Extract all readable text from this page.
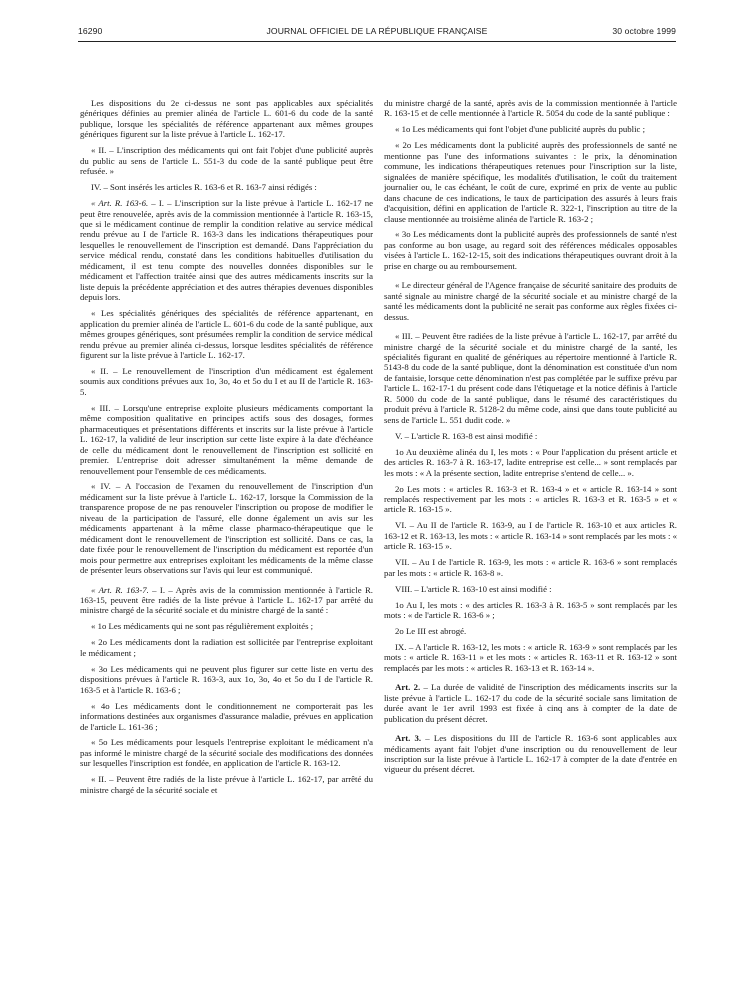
16290	JOURNAL OFFICIEL DE LA RÉPUBLIQUE FRANÇAISE	30 octobre 1999

Les dispositions du 2e ci-dessus ne sont pas applicables aux spécialités génériques définies au premier alinéa de l'article L. 601-6 du code de la santé publique, lorsque les spécialités de référence appartenant aux mêmes groupes génériques figurent sur la liste prévue à l'article L. 162-17.

« II. – L'inscription des médicaments qui ont fait l'objet d'une publicité auprès du public au sens de l'article L. 551-3 du code de la santé publique peut être refusée. »

IV. – Sont insérés les articles R. 163-6 et R. 163-7 ainsi rédigés :

« Art. R. 163-6. – I. – L'inscription sur la liste prévue à l'article L. 162-17 ne peut être renouvelée, après avis de la commission mentionnée à l'article R. 163-15, que si le médicament continue de remplir la condition relative au service médical rendu prévue au I de l'article R. 163-3 dans les indications thérapeutiques pour lesquelles le renouvellement de l'inscription est demandé. Dans l'appréciation du service médical rendu, constaté dans les conditions habituelles d'utilisation du médicament, il est tenu compte des nouvelles données disponibles sur le médicament et l'affection traitée ainsi que des autres médicaments inscrits sur la liste depuis la précédente appréciation et des autres thérapies devenues disponibles depuis lors.

« Les spécialités génériques des spécialités de référence appartenant, en application du premier alinéa de l'article L. 601-6 du code de la santé publique, aux mêmes groupes génériques, sont présumées remplir la condition de service médical rendu prévue au premier alinéa ci-dessus, lorsque lesdites spécialités de référence figurent sur la liste prévue à l'article L. 162-17.

« II. – Le renouvellement de l'inscription d'un médicament est également soumis aux conditions prévues aux 1o, 3o, 4o et 5o du I et au II de l'article R. 163-5.

« III. – Lorsqu'une entreprise exploite plusieurs médicaments comportant la même composition qualitative en principes actifs sous des dosages, formes pharmaceutiques et présentations différents et inscrits sur la liste prévue à l'article L. 162-17, la validité de leur inscription sur cette liste expire à la date d'échéance de celle du médicament dont le renouvellement de l'inscription est sollicité en premier. L'entreprise doit adresser simultanément la même demande de renouvellement pour l'ensemble de ces médicaments.

« IV. – A l'occasion de l'examen du renouvellement de l'inscription d'un médicament sur la liste prévue à l'article L. 162-17, lorsque la Commission de la transparence propose de ne pas renouveler l'inscription ou propose de modifier le niveau de la participation de l'assuré, elle donne également un avis sur les médicaments appartenant à la même classe pharmaco-thérapeutique que le médicament dont le renouvellement de l'inscription est sollicité. Dans ce cas, la date fixée pour le renouvellement de l'inscription du médicament est reportée d'un mois pour permettre aux entreprises exploitant les médicaments de la même classe de présenter leurs observations sur l'avis qui leur est communiqué.

« Art. R. 163-7. – I. – Après avis de la commission mentionnée à l'article R. 163-15, peuvent être radiés de la liste prévue à l'article L. 162-17 par arrêté du ministre chargé de la sécurité sociale et du ministre chargé de la santé :

« 1o Les médicaments qui ne sont pas régulièrement exploités ;

« 2o Les médicaments dont la radiation est sollicitée par l'entreprise exploitant le médicament ;

« 3o Les médicaments qui ne peuvent plus figurer sur cette liste en vertu des dispositions prévues à l'article R. 163-3, aux 1o, 3o, 4o et 5o du I de l'article R. 163-5 et à l'article R. 163-6 ;

« 4o Les médicaments dont le conditionnement ne comporterait pas les informations destinées aux organismes d'assurance maladie, prévues en application de l'article L. 161-36 ;

« 5o Les médicaments pour lesquels l'entreprise exploitant le médicament n'a pas informé le ministre chargé de la sécurité sociale des modifications des données sur lesquelles l'inscription est fondée, en application de l'article R. 163-12.

« II. – Peuvent être radiés de la liste prévue à l'article L. 162-17, par arrêté du ministre chargé de la sécurité sociale et

du ministre chargé de la santé, après avis de la commission mentionnée à l'article R. 163-15 et de celle mentionnée à l'article R. 5054 du code de la santé publique :

« 1o Les médicaments qui font l'objet d'une publicité auprès du public ;

« 2o Les médicaments dont la publicité auprès des professionnels de santé ne mentionne pas l'une des informations suivantes : le prix, la dénomination commune, les indications thérapeutiques retenues pour l'inscription sur la liste, signalées de manière spécifique, les modalités d'utilisation, le coût du traitement journalier ou, le cas échéant, le coût de cure, exprimé en prix de vente au public dans chacune de ces indications, le taux de participation des assurés à leurs frais d'acquisition, défini en application de l'article R. 322-1, l'inscription au titre de la clause mentionnée au troisième alinéa de l'article R. 163-2 ;

« 3o Les médicaments dont la publicité auprès des professionnels de santé n'est pas conforme au bon usage, au regard soit des références médicales opposables visées à l'article L. 162-12-15, soit des indications thérapeutiques ouvrant droit à la prise en charge ou au remboursement.

« Le directeur général de l'Agence française de sécurité sanitaire des produits de santé signale au ministre chargé de la sécurité sociale et au ministre chargé de la santé les médicaments dont la publicité ne serait pas conforme aux règles fixées ci-dessus.

« III. – Peuvent être radiées de la liste prévue à l'article L. 162-17, par arrêté du ministre chargé de la sécurité sociale et du ministre chargé de la santé, les spécialités figurant en qualité de génériques au répertoire mentionné à l'article R. 5143-8 du code de la santé publique, dont la dénomination est constituée d'un nom de fantaisie, lorsque cette dénomination n'est pas complétée par le suffixe prévu par l'article L. 162-17-1 du présent code dans l'étiquetage et la notice définis à l'article R. 5000 du code de la santé publique, dans le résumé des caractéristiques du produit prévu à l'article R. 5128-2 du même code, ainsi que dans toute publicité au sens de l'article L. 551 dudit code. »

V. – L'article R. 163-8 est ainsi modifié :

1o Au deuxième alinéa du I, les mots : « Pour l'application du présent article et des articles R. 163-7 à R. 163-17, ladite entreprise est celle... » sont remplacés par les mots : « A la présente section, ladite entreprise s'entend de celle... ».

2o Les mots : « articles R. 163-3 et R. 163-4 » et « article R. 163-14 » sont remplacés respectivement par les mots : « articles R. 163-3 et R. 163-5 » et « article R. 163-15 ».

VI. – Au II de l'article R. 163-9, au I de l'article R. 163-10 et aux articles R. 163-12 et R. 163-13, les mots : « article R. 163-14 » sont remplacés par les mots : « article R. 163-15 ».

VII. – Au I de l'article R. 163-9, les mots : « article R. 163-6 » sont remplacés par les mots : « article R. 163-8 ».

VIII. – L'article R. 163-10 est ainsi modifié :

1o Au I, les mots : « des articles R. 163-3 à R. 163-5 » sont remplacés par les mots : « de l'article R. 163-6 » ;

2o Le III est abrogé.

IX. – A l'article R. 163-12, les mots : « article R. 163-9 » sont remplacés par les mots : « article R. 163-11 » et les mots : « articles R. 163-11 et R. 163-12 » sont remplacés par les mots : « articles R. 163-13 et R. 163-14 ».

Art. 2. – La durée de validité de l'inscription des médicaments inscrits sur la liste prévue à l'article L. 162-17 du code de la sécurité sociale sans limitation de durée avant le 1er avril 1993 est fixée à cinq ans à compter de la date de publication du présent décret.

Art. 3. – Les dispositions du III de l'article R. 163-6 sont applicables aux médicaments ayant fait l'objet d'une inscription ou du renouvellement de leur inscription sur la liste prévue à l'article L. 162-17 à compter de la date d'entrée en vigueur du présent décret.
